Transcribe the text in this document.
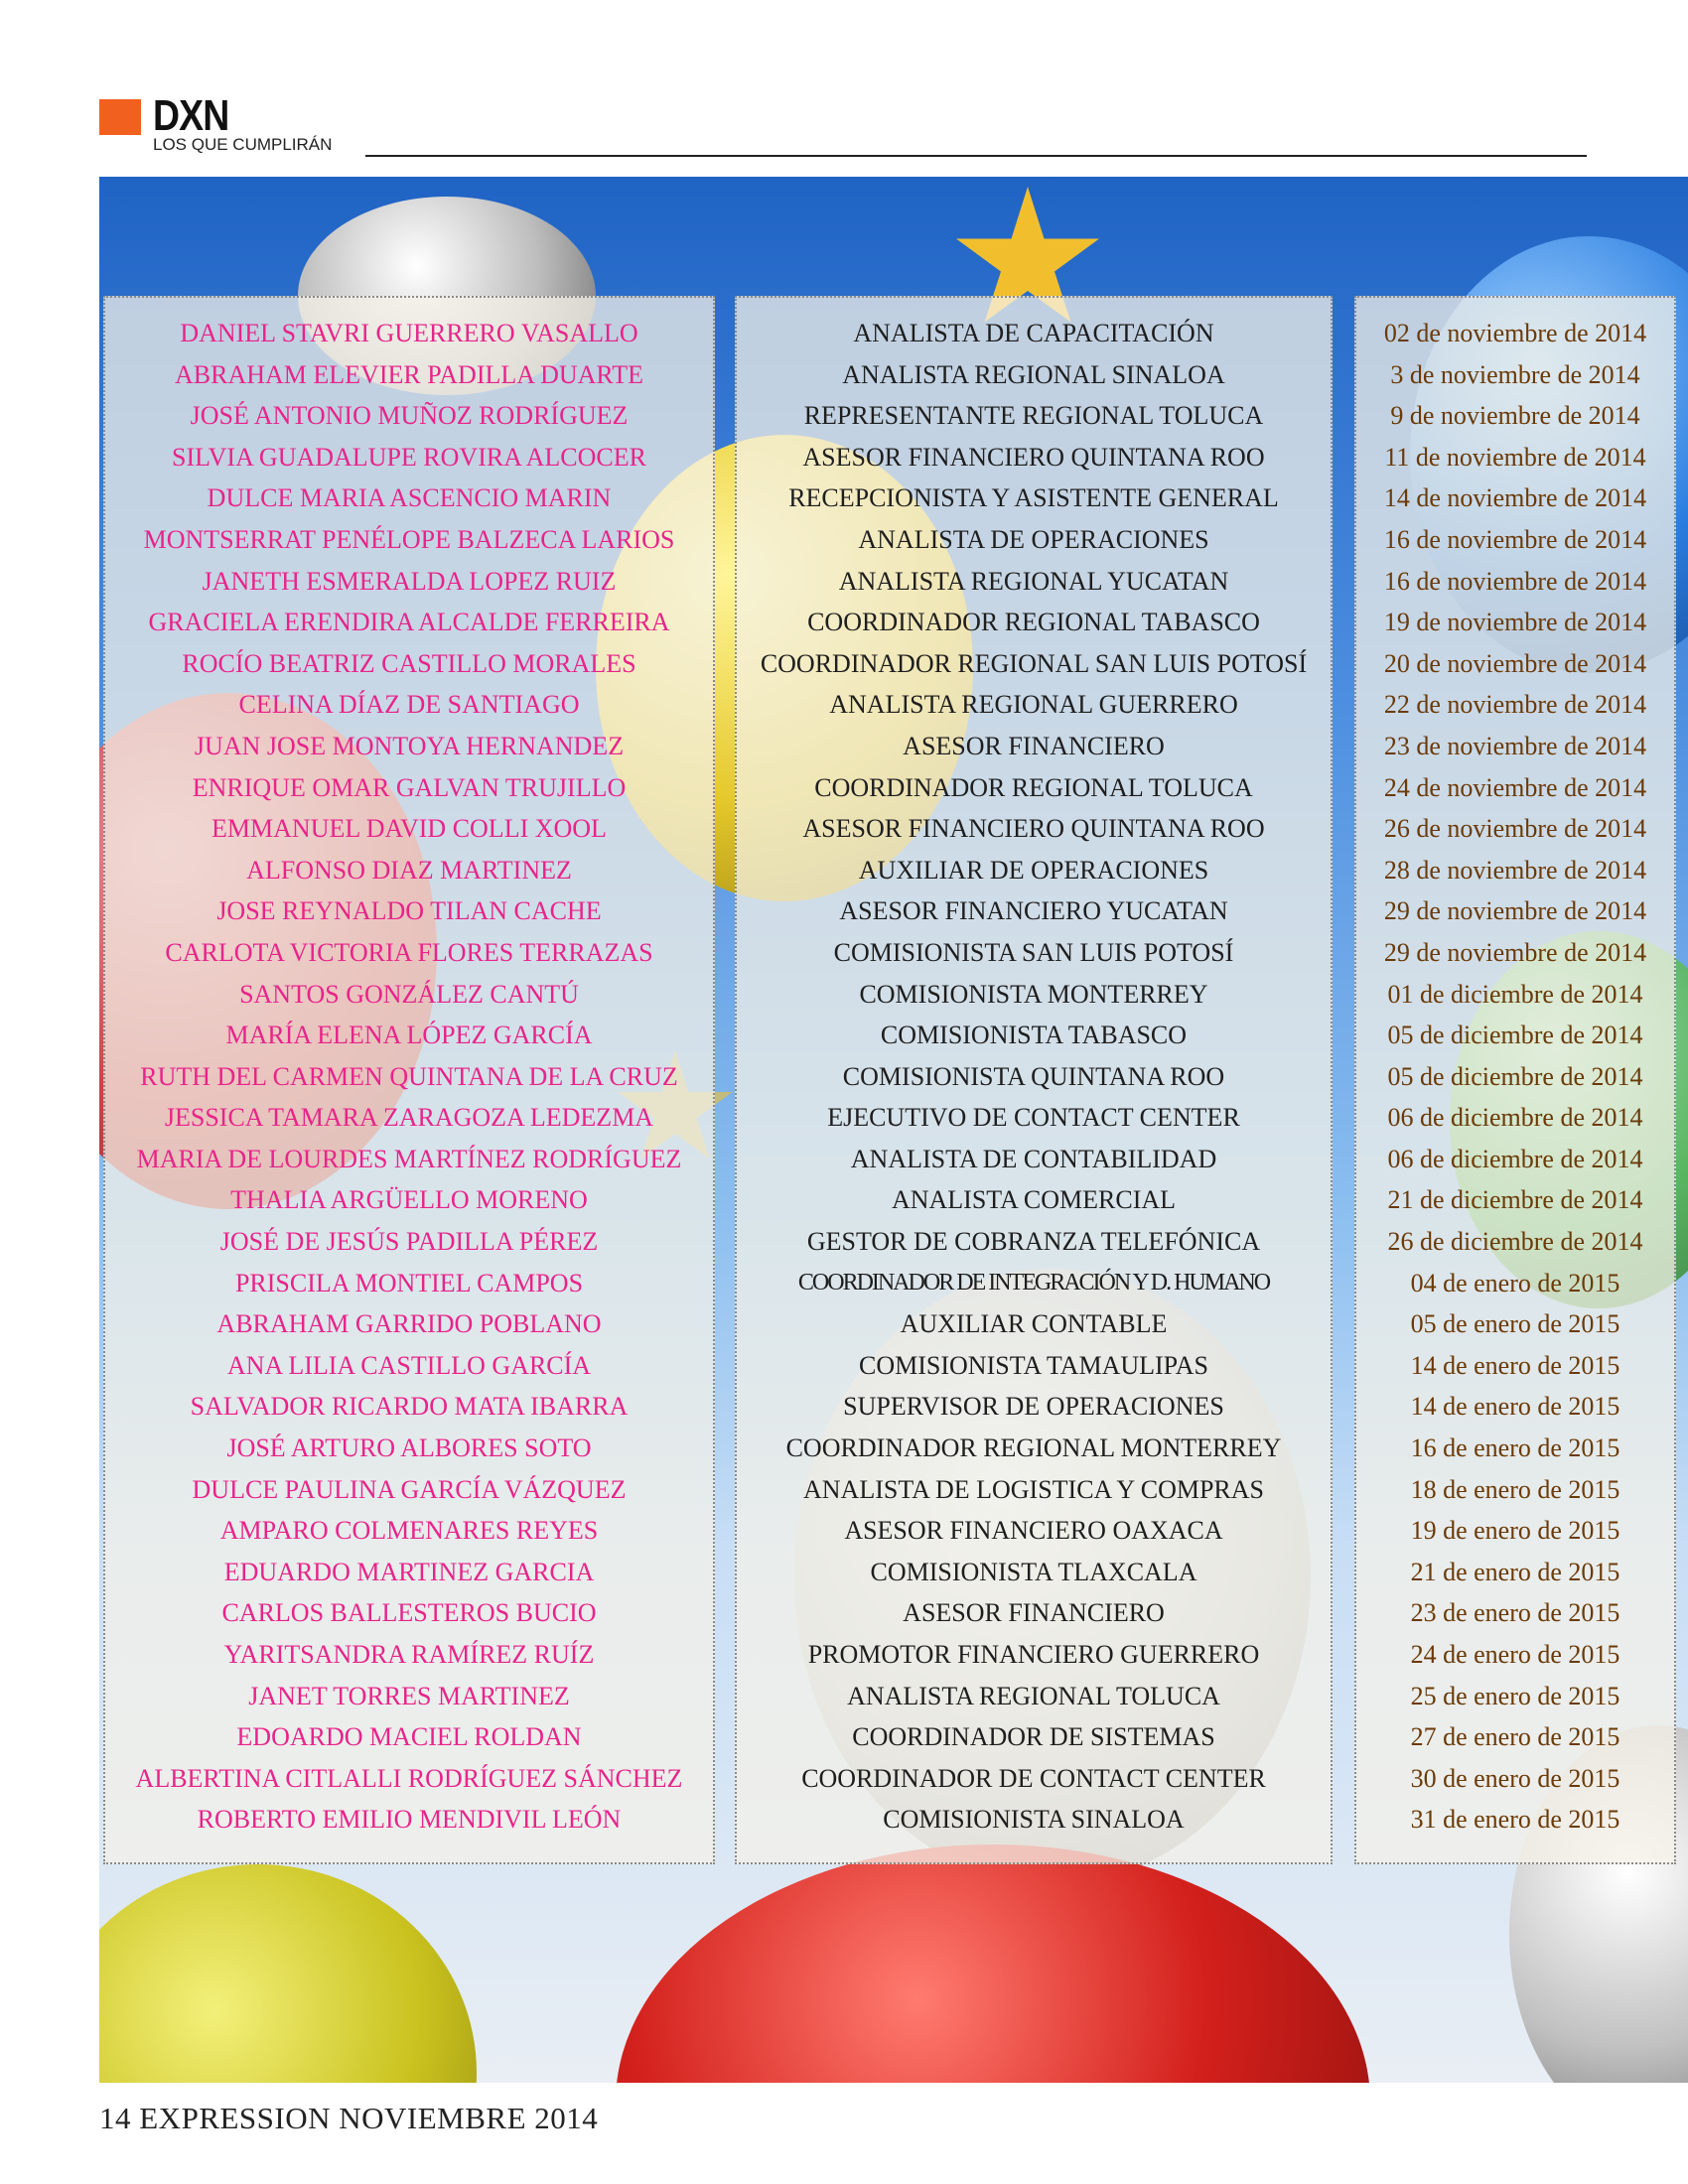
DXN
LOS QUE CUMPLIRÁN
DANIEL STAVRI GUERRERO VASALLO
ABRAHAM ELEVIER PADILLA DUARTE
JOSÉ ANTONIO MUÑOZ RODRÍGUEZ
SILVIA GUADALUPE ROVIRA ALCOCER
DULCE MARIA ASCENCIO MARIN
MONTSERRAT PENÉLOPE BALZECA LARIOS
JANETH ESMERALDA LOPEZ RUIZ
GRACIELA ERENDIRA ALCALDE FERREIRA
ROCÍO BEATRIZ CASTILLO MORALES
CELINA DÍAZ DE SANTIAGO
JUAN JOSE MONTOYA HERNANDEZ
ENRIQUE OMAR GALVAN TRUJILLO
EMMANUEL DAVID COLLI XOOL
ALFONSO DIAZ MARTINEZ
JOSE REYNALDO TILAN CACHE
CARLOTA VICTORIA FLORES TERRAZAS
SANTOS GONZÁLEZ CANTÚ
MARÍA ELENA LÓPEZ GARCÍA
RUTH DEL CARMEN QUINTANA DE LA CRUZ
JESSICA TAMARA ZARAGOZA LEDEZMA
MARIA DE LOURDES MARTÍNEZ RODRÍGUEZ
THALIA ARGÜELLO MORENO
JOSÉ DE JESÚS PADILLA PÉREZ
PRISCILA MONTIEL CAMPOS
ABRAHAM GARRIDO POBLANO
ANA LILIA CASTILLO GARCÍA
SALVADOR RICARDO MATA IBARRA
JOSÉ ARTURO ALBORES SOTO
DULCE PAULINA GARCÍA VÁZQUEZ
AMPARO COLMENARES REYES
EDUARDO MARTINEZ GARCIA
CARLOS BALLESTEROS BUCIO
YARITSANDRA RAMÍREZ RUÍZ
JANET TORRES MARTINEZ
EDOARDO MACIEL ROLDAN
ALBERTINA CITLALLI RODRÍGUEZ SÁNCHEZ
ROBERTO EMILIO MENDIVIL LEÓN
ANALISTA DE CAPACITACIÓN
ANALISTA REGIONAL SINALOA
REPRESENTANTE REGIONAL TOLUCA
ASESOR FINANCIERO QUINTANA ROO
RECEPCIONISTA Y ASISTENTE GENERAL
ANALISTA DE OPERACIONES
ANALISTA REGIONAL YUCATAN
COORDINADOR REGIONAL TABASCO
COORDINADOR REGIONAL SAN LUIS POTOSÍ
ANALISTA REGIONAL GUERRERO
ASESOR FINANCIERO
COORDINADOR REGIONAL TOLUCA
ASESOR FINANCIERO QUINTANA ROO
AUXILIAR DE OPERACIONES
ASESOR FINANCIERO YUCATAN
COMISIONISTA SAN LUIS POTOSÍ
COMISIONISTA MONTERREY
COMISIONISTA TABASCO
COMISIONISTA QUINTANA ROO
EJECUTIVO DE CONTACT CENTER
ANALISTA DE CONTABILIDAD
ANALISTA COMERCIAL
GESTOR DE COBRANZA TELEFÓNICA
COORDINADOR DE INTEGRACIÓN Y D. HUMANO
AUXILIAR CONTABLE
COMISIONISTA TAMAULIPAS
SUPERVISOR DE OPERACIONES
COORDINADOR REGIONAL MONTERREY
ANALISTA DE LOGISTICA Y COMPRAS
ASESOR FINANCIERO OAXACA
COMISIONISTA TLAXCALA
ASESOR FINANCIERO
PROMOTOR FINANCIERO GUERRERO
ANALISTA REGIONAL TOLUCA
COORDINADOR DE SISTEMAS
COORDINADOR DE CONTACT CENTER
COMISIONISTA SINALOA
02 de noviembre de 2014
3 de noviembre de 2014
9 de noviembre de 2014
11 de noviembre de 2014
14 de noviembre de 2014
16 de noviembre de 2014
16 de noviembre de 2014
19 de noviembre de 2014
20 de noviembre de 2014
22 de noviembre de 2014
23 de noviembre de 2014
24 de noviembre de 2014
26 de noviembre de 2014
28 de noviembre de 2014
29 de noviembre de 2014
29 de noviembre de 2014
01 de diciembre de 2014
05 de diciembre de 2014
05 de diciembre de 2014
06 de diciembre de 2014
06 de diciembre de 2014
21 de diciembre de 2014
26 de diciembre de 2014
04 de enero de 2015
05 de enero de 2015
14 de enero de 2015
14 de enero de 2015
16 de enero de 2015
18 de enero de 2015
19 de enero de 2015
21 de enero de 2015
23 de enero de 2015
24 de enero de 2015
25 de enero de 2015
27 de enero de 2015
30 de enero de 2015
31 de enero de 2015
14 EXPRESSION NOVIEMBRE 2014
